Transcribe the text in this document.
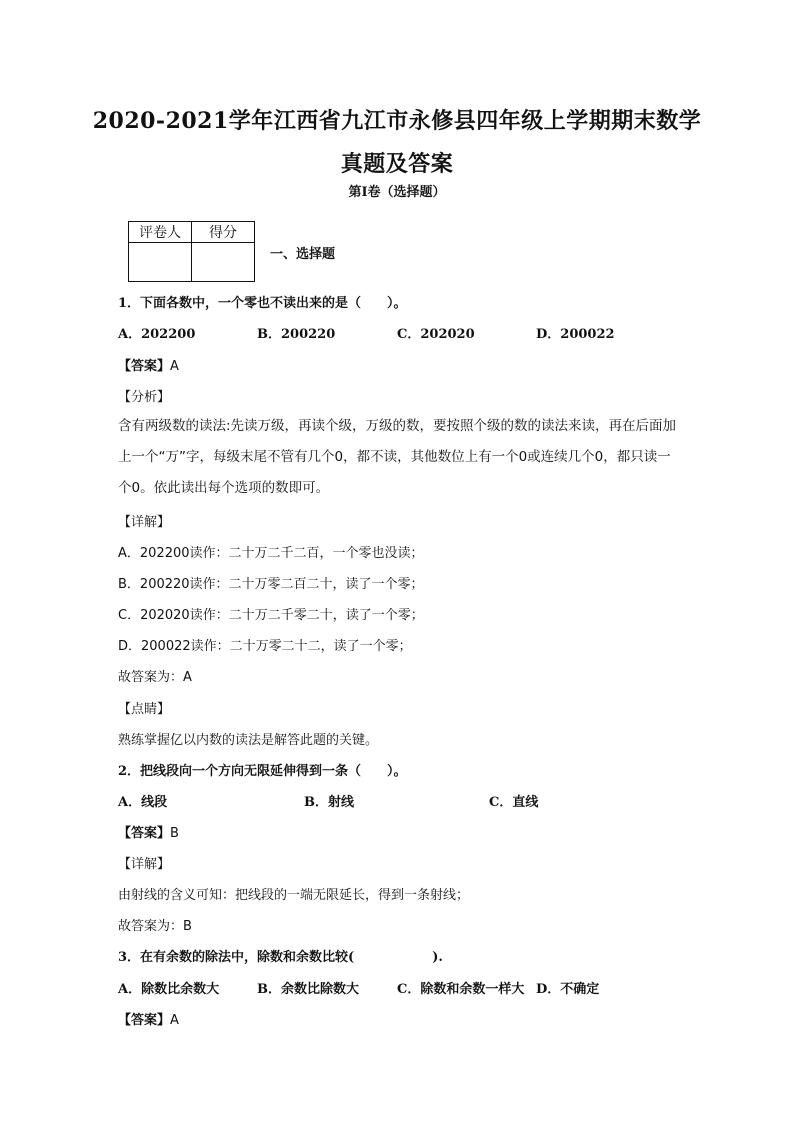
2020-2021学年江西省九江市永修县四年级上学期期末数学
真题及答案
第I卷（选择题）
评卷人	得分

一、选择题
1．下面各数中，一个零也不读出来的是（　　）。
A．202200	B．200220	C．202020	D．200022
【答案】A
【分析】
含有两级数的读法:先读万级，再读个级，万级的数，要按照个级的数的读法来读，再在后面加上一个“万”字，每级末尾不管有几个0，都不读，其他数位上有一个0或连续几个0，都只读一个0。依此读出每个选项的数即可。
【详解】
A．202200读作：二十万二千二百，一个零也没读；
B．200220读作：二十万零二百二十，读了一个零；
C．202020读作：二十万二千零二十，读了一个零；
D．200022读作：二十万零二十二，读了一个零；
故答案为：A
【点睛】
熟练掌握亿以内数的读法是解答此题的关键。
2．把线段向一个方向无限延伸得到一条（　　）。
A．线段	B．射线	C．直线
【答案】B
【详解】
由射线的含义可知：把线段的一端无限延长，得到一条射线；
故答案为：B
3．在有余数的除法中，除数和余数比较(　　　　　　).
A．除数比余数大	B．余数比除数大	C．除数和余数一样大 D．不确定
【答案】A
